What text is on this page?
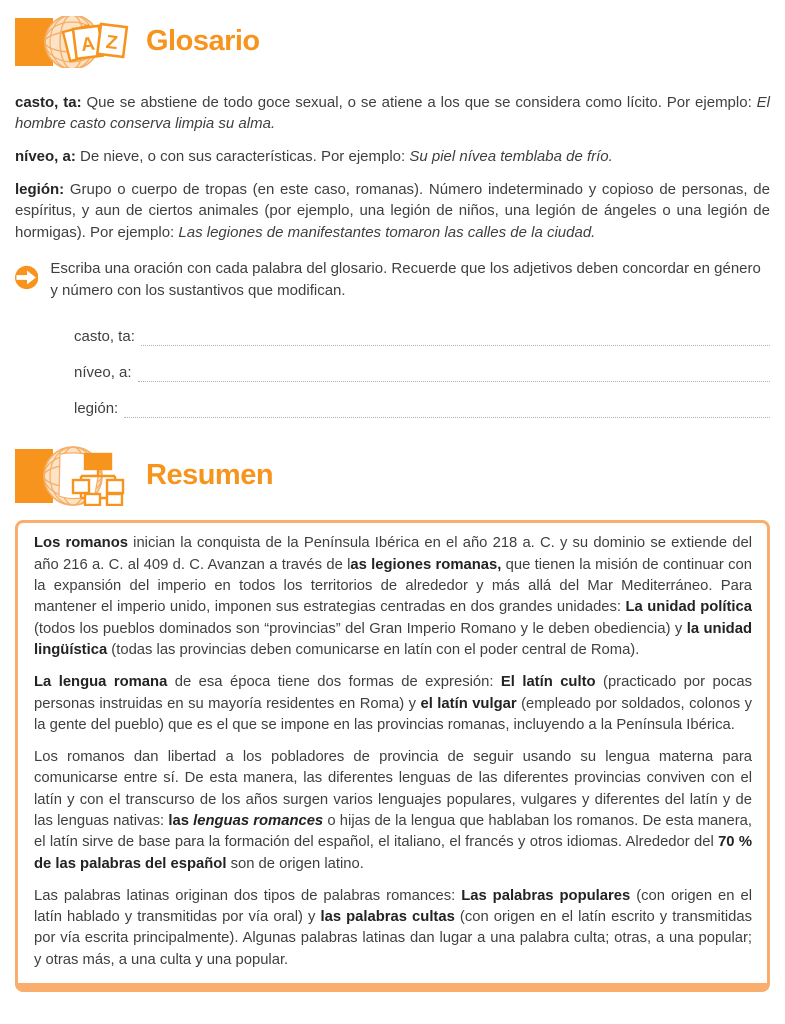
A Z Glosario

casto, ta: Que se abstiene de todo goce sexual, o se atiene a los que se considera como lícito. Por ejemplo: El hombre casto conserva limpia su alma.

níveo, a: De nieve, o con sus características. Por ejemplo: Su piel nívea temblaba de frío.

legión: Grupo o cuerpo de tropas (en este caso, romanas). Número indeterminado y copioso de personas, de espíritus, y aun de ciertos animales (por ejemplo, una legión de niños, una legión de ángeles o una legión de hormigas). Por ejemplo: Las legiones de manifestantes tomaron las calles de la ciudad.

Escriba una oración con cada palabra del glosario. Recuerde que los adjetivos deben concordar en género y número con los sustantivos que modifican.
casto, ta:
níveo, a:
legión:
Resumen

Los romanos inician la conquista de la Península Ibérica en el año 218 a. C. y su dominio se extiende del año 216 a. C. al 409 d. C. Avanzan a través de las legiones romanas, que tienen la misión de continuar con la expansión del imperio en todos los territorios de alrededor y más allá del Mar Mediterráneo. Para mantener el imperio unido, imponen sus estrategias centradas en dos grandes unidades: La unidad política (todos los pueblos dominados son “provincias” del Gran Imperio Romano y le deben obediencia) y la unidad lingüística (todas las provincias deben comunicarse en latín con el poder central de Roma).

La lengua romana de esa época tiene dos formas de expresión: El latín culto (practicado por pocas personas instruidas en su mayoría residentes en Roma) y el latín vulgar (empleado por soldados, colonos y la gente del pueblo) que es el que se impone en las provincias romanas, incluyendo a la Península Ibérica.

Los romanos dan libertad a los pobladores de provincia de seguir usando su lengua materna para comunicarse entre sí. De esta manera, las diferentes lenguas de las diferentes provincias conviven con el latín y con el transcurso de los años surgen varios lenguajes populares, vulgares y diferentes del latín y de las lenguas nativas: las lenguas romances o hijas de la lengua que hablaban los romanos. De esta manera, el latín sirve de base para la formación del español, el italiano, el francés y otros idiomas. Alrededor del 70 % de las palabras del español son de origen latino.

Las palabras latinas originan dos tipos de palabras romances: Las palabras populares (con origen en el latín hablado y transmitidas por vía oral) y las palabras cultas (con origen en el latín escrito y transmitidas por vía escrita principalmente). Algunas palabras latinas dan lugar a una palabra culta; otras, a una popular; y otras más, a una culta y una popular.
